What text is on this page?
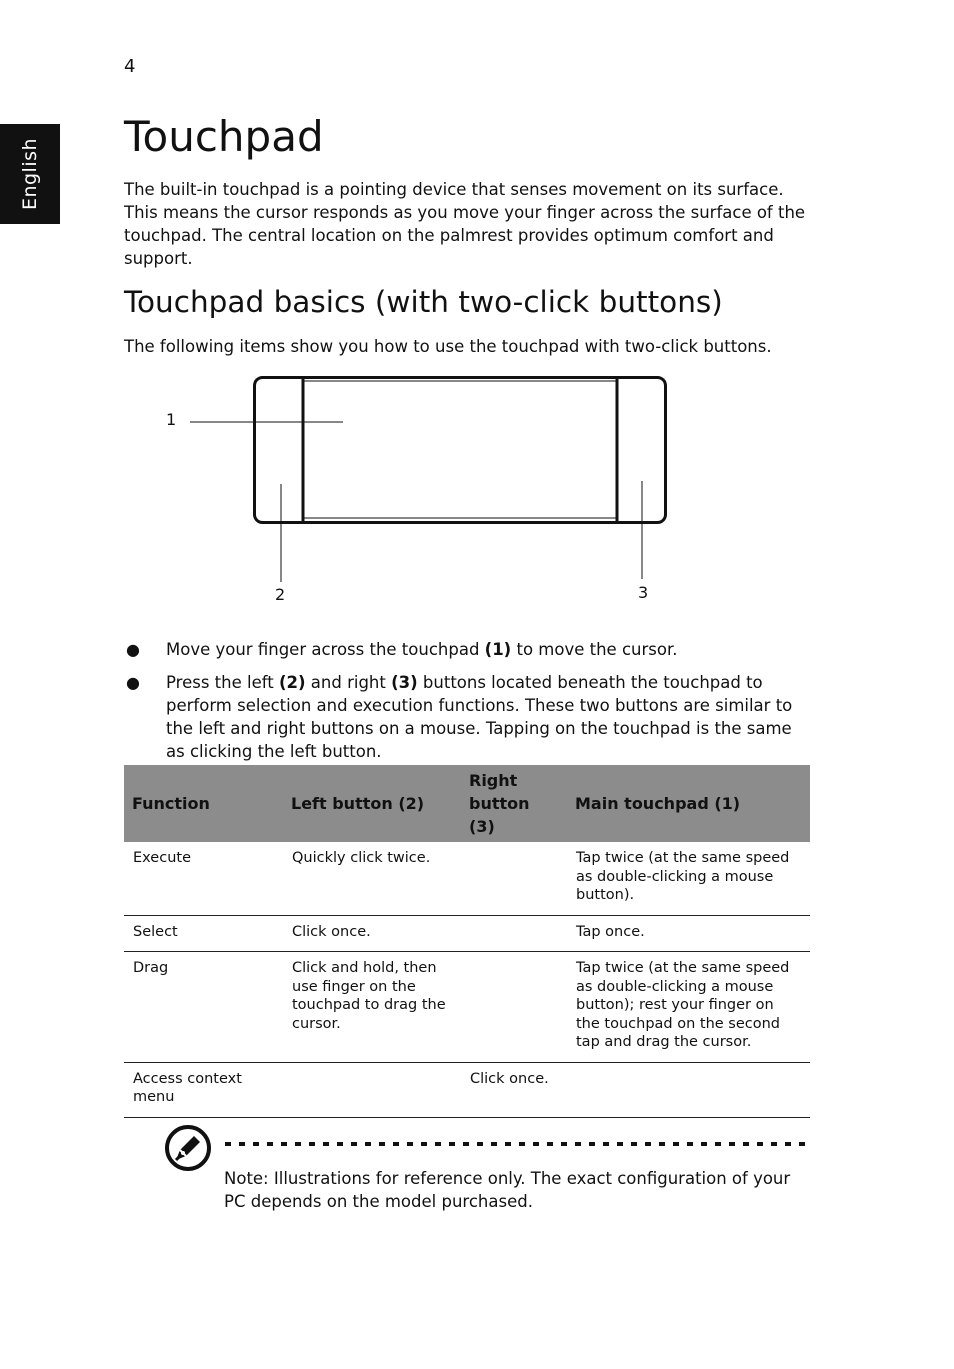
4
English
Touchpad

The built-in touchpad is a pointing device that senses movement on its surface. This means the cursor responds as you move your finger across the surface of the touchpad. The central location on the palmrest provides optimum comfort and support.

Touchpad basics (with two-click buttons)

The following items show you how to use the touchpad with two-click buttons.

1
2	3
● Move your finger across the touchpad (1) to move the cursor.
● Press the left (2) and right (3) buttons located beneath the touchpad to perform selection and execution functions. These two buttons are similar to the left and right buttons on a mouse. Tapping on the touchpad is the same as clicking the left button.
Function	Left button (2)	Right button (3)	Main touchpad (1)
Execute	Quickly click twice.		Tap twice (at the same speed as double-clicking a mouse button).
Select	Click once.		Tap once.
Drag	Click and hold, then use finger on the touchpad to drag the cursor.		Tap twice (at the same speed as double-clicking a mouse button); rest your finger on the touchpad on the second tap and drag the cursor.
Access context menu		Click once.	

Note: Illustrations for reference only. The exact configuration of your PC depends on the model purchased.
